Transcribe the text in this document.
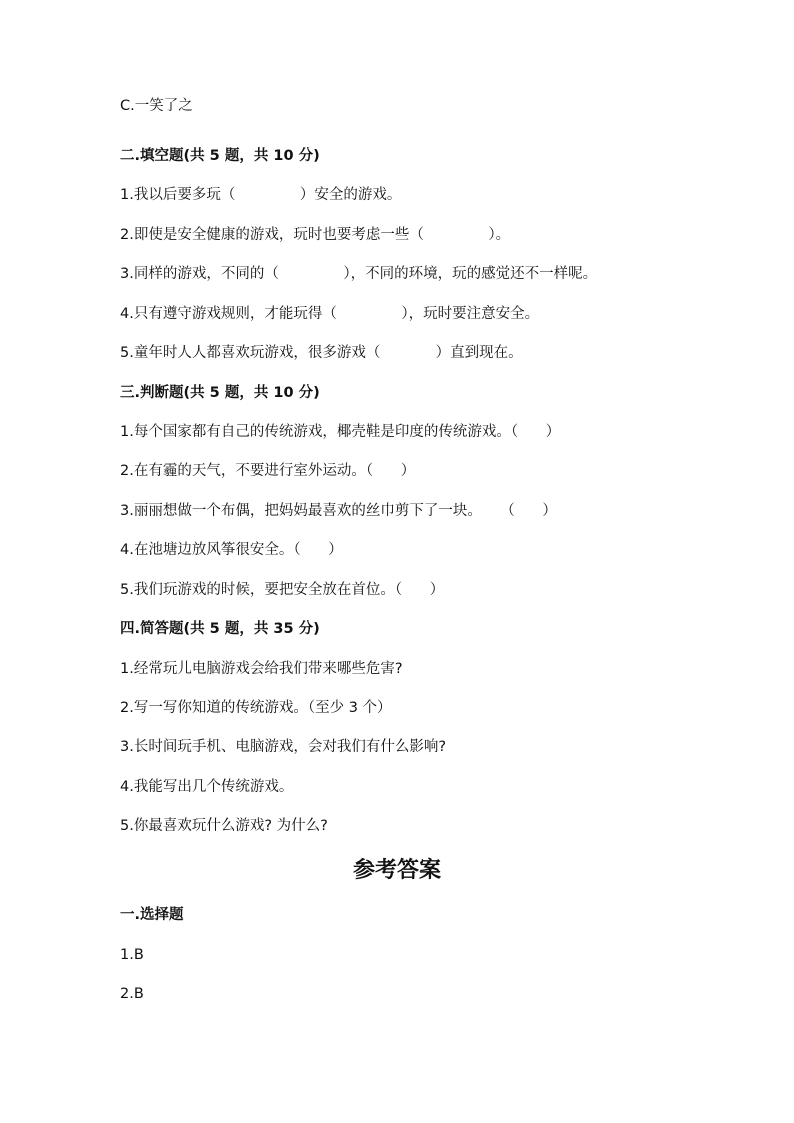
C.一笑了之

二.填空题(共 5 题，共 10 分)

1.我以后要多玩（              ）安全的游戏。

2.即使是安全健康的游戏，玩时也要考虑一些（              ）。

3.同样的游戏，不同的（              ），不同的环境，玩的感觉还不一样呢。

4.只有遵守游戏规则，才能玩得（              ），玩时要注意安全。

5.童年时人人都喜欢玩游戏，很多游戏（            ）直到现在。

三.判断题(共 5 题，共 10 分)

1.每个国家都有自己的传统游戏，椰壳鞋是印度的传统游戏。（      ）

2.在有霾的天气，不要进行室外运动。（      ）

3.丽丽想做一个布偶，把妈妈最喜欢的丝巾剪下了一块。    （      ）

4.在池塘边放风筝很安全。（      ）

5.我们玩游戏的时候，要把安全放在首位。（      ）

四.简答题(共 5 题，共 35 分)

1.经常玩儿电脑游戏会给我们带来哪些危害?

2.写一写你知道的传统游戏。（至少 3 个）

3.长时间玩手机、电脑游戏，会对我们有什么影响?

4.我能写出几个传统游戏。

5.你最喜欢玩什么游戏? 为什么?

参考答案

一.选择题

1.B

2.B
